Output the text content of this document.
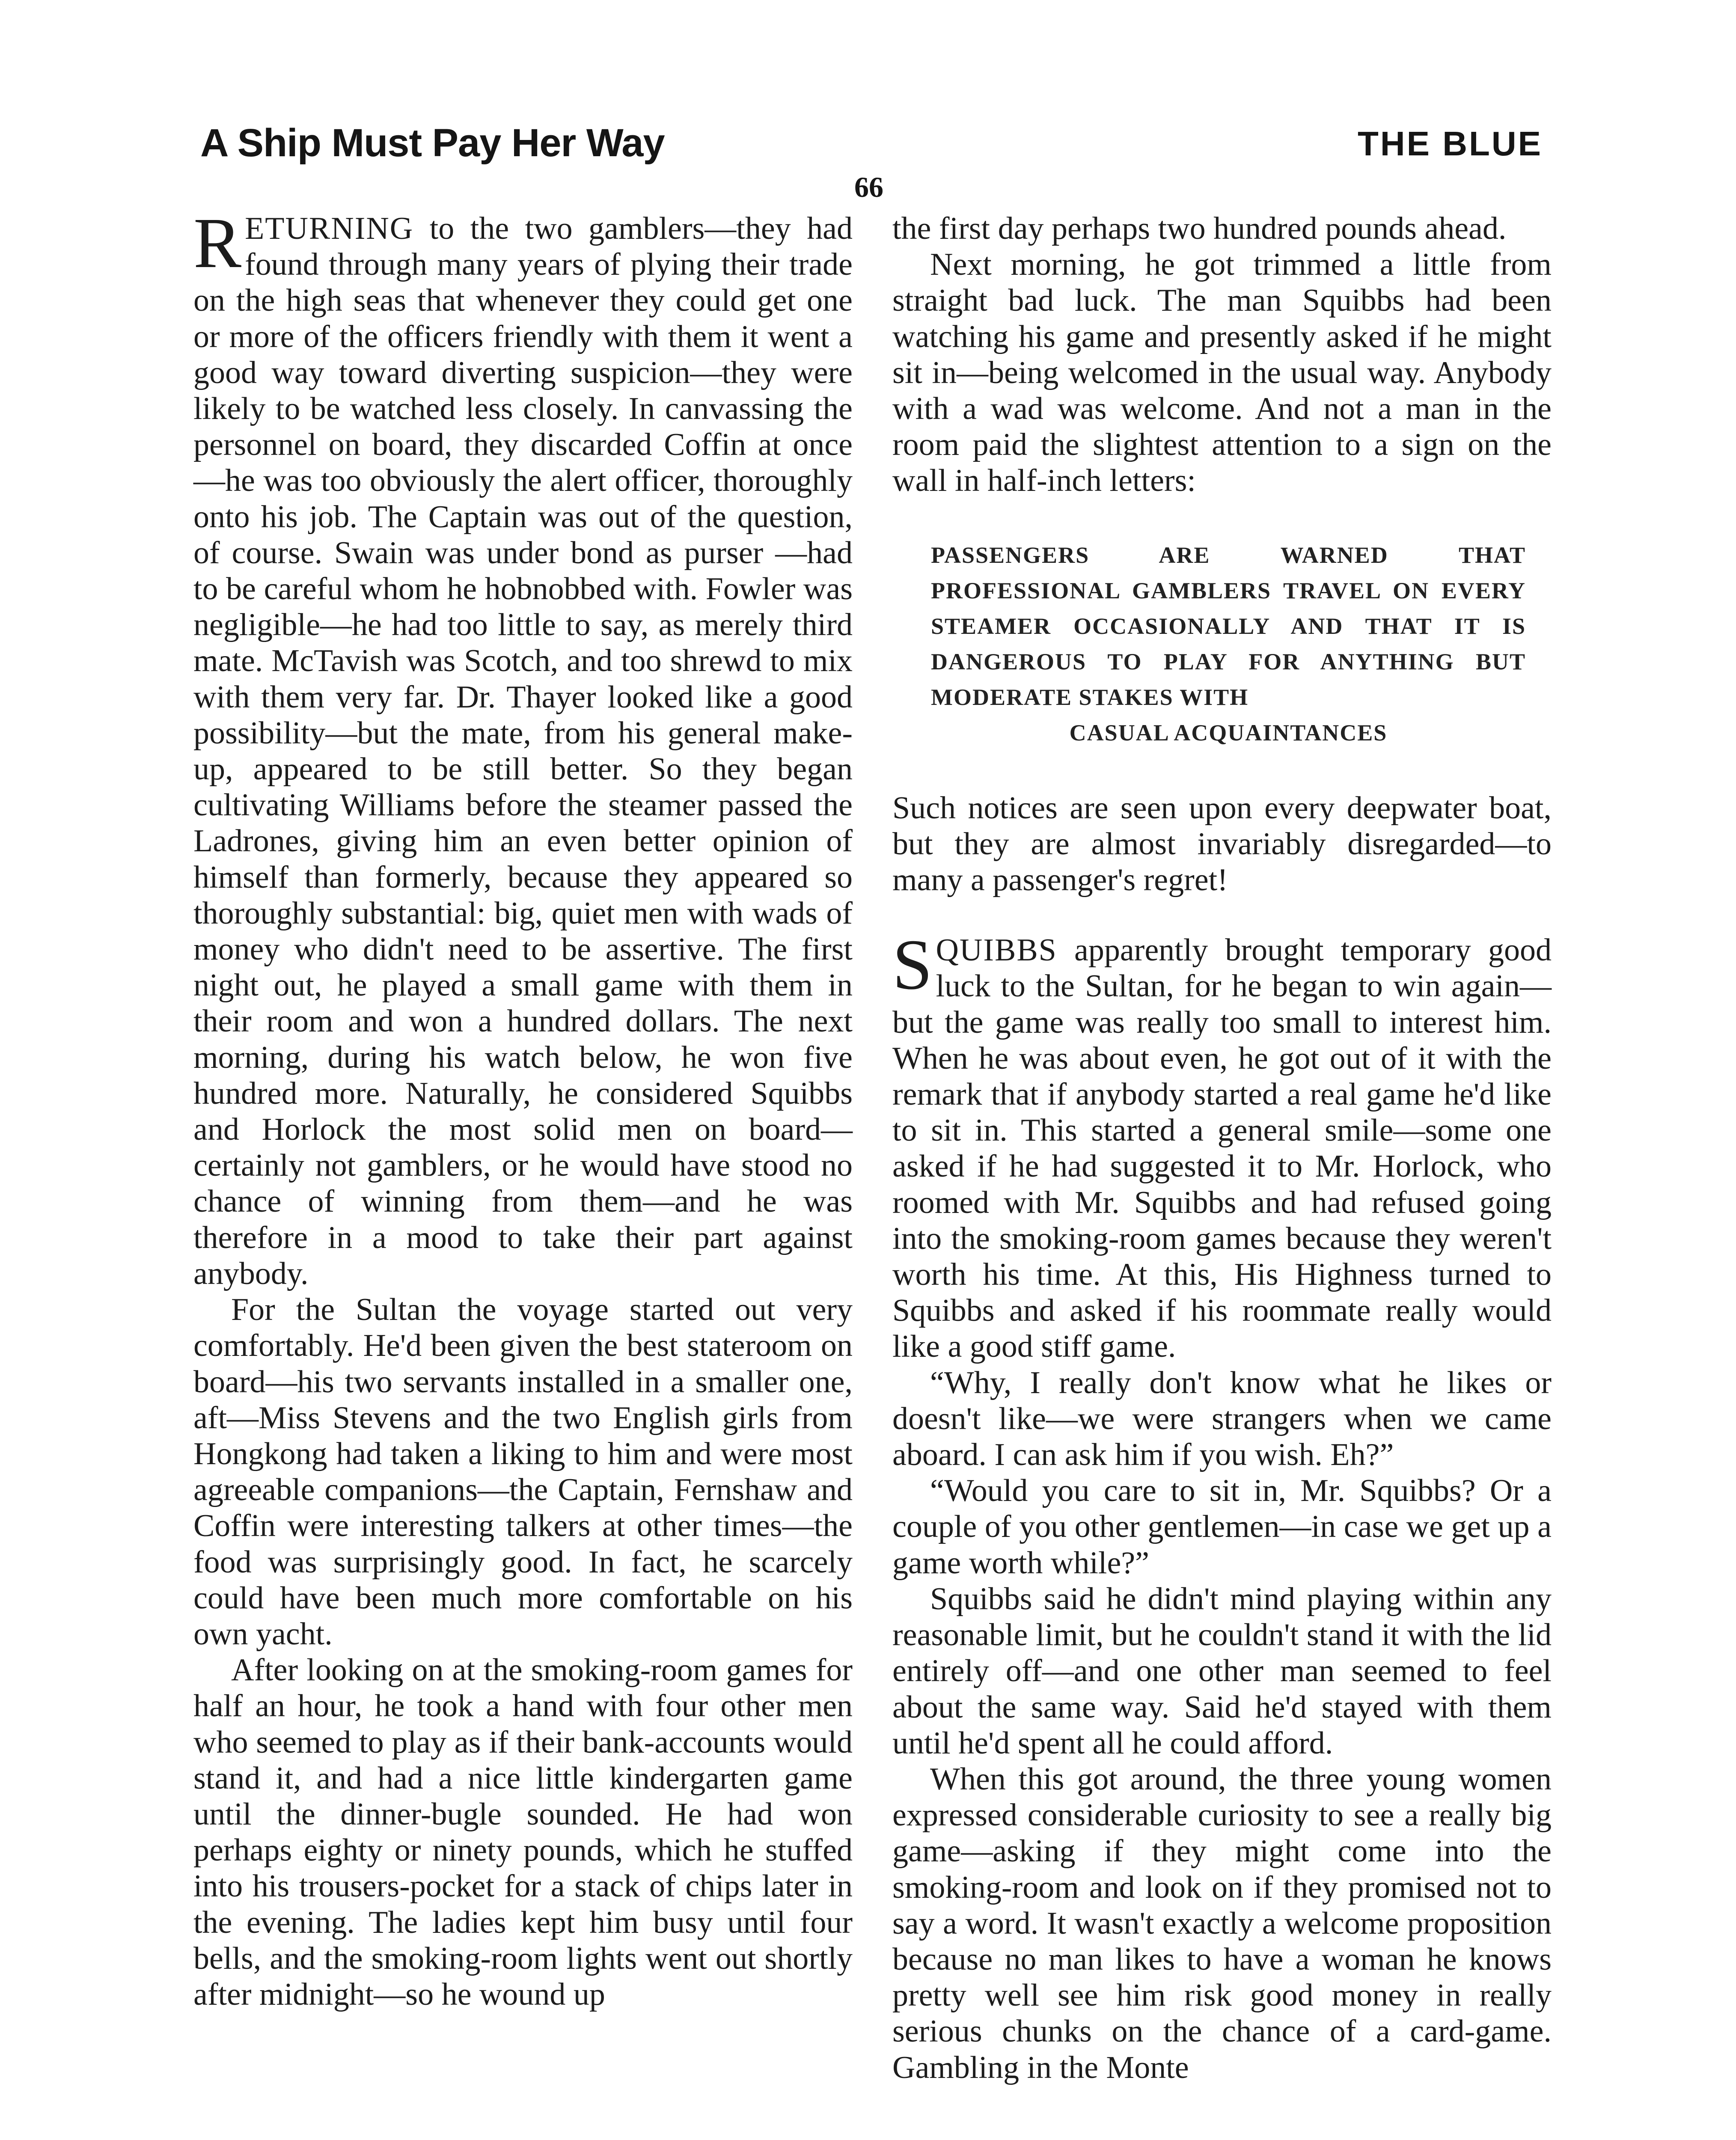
A Ship Must Pay Her Way	THE BLUE
66

RETURNING to the two gamblers—they had found through many years of plying their trade on the high seas that whenever they could get one or more of the officers friendly with them it went a good way toward diverting suspicion—they were likely to be watched less closely. In canvassing the personnel on board, they discarded Coffin at once—he was too obviously the alert officer, thoroughly onto his job. The Captain was out of the question, of course. Swain was under bond as purser —had to be careful whom he hobnobbed with. Fowler was negligible—he had too little to say, as merely third mate. McTavish was Scotch, and too shrewd to mix with them very far. Dr. Thayer looked like a good possibility—but the mate, from his general make-up, appeared to be still better. So they began cultivating Williams before the steamer passed the Ladrones, giving him an even better opinion of himself than formerly, because they appeared so thoroughly substantial: big, quiet men with wads of money who didn't need to be assertive. The first night out, he played a small game with them in their room and won a hundred dollars. The next morning, during his watch below, he won five hundred more. Naturally, he considered Squibbs and Horlock the most solid men on board—certainly not gamblers, or he would have stood no chance of winning from them—and he was therefore in a mood to take their part against anybody.

For the Sultan the voyage started out very comfortably. He'd been given the best stateroom on board—his two servants installed in a smaller one, aft—Miss Stevens and the two English girls from Hongkong had taken a liking to him and were most agreeable companions—the Captain, Fernshaw and Coffin were interesting talkers at other times—the food was surprisingly good. In fact, he scarcely could have been much more comfortable on his own yacht.

After looking on at the smoking-room games for half an hour, he took a hand with four other men who seemed to play as if their bank-accounts would stand it, and had a nice little kindergarten game until the dinner-bugle sounded. He had won perhaps eighty or ninety pounds, which he stuffed into his trousers-pocket for a stack of chips later in the evening. The ladies kept him busy until four bells, and the smoking-room lights went out shortly after midnight—so he wound up

the first day perhaps two hundred pounds ahead.

Next morning, he got trimmed a little from straight bad luck. The man Squibbs had been watching his game and presently asked if he might sit in—being welcomed in the usual way. Anybody with a wad was welcome. And not a man in the room paid the slightest attention to a sign on the wall in half-inch letters:

PASSENGERS ARE WARNED THAT PROFESSIONAL GAMBLERS TRAVEL ON EVERY STEAMER OCCASIONALLY AND THAT IT IS DANGEROUS TO PLAY FOR ANYTHING BUT MODERATE STAKES WITH
CASUAL ACQUAINTANCES

Such notices are seen upon every deepwater boat, but they are almost invariably disregarded—to many a passenger's regret!

SQUIBBS apparently brought temporary good luck to the Sultan, for he began to win again—but the game was really too small to interest him. When he was about even, he got out of it with the remark that if anybody started a real game he'd like to sit in. This started a general smile—some one asked if he had suggested it to Mr. Horlock, who roomed with Mr. Squibbs and had refused going into the smoking-room games because they weren't worth his time. At this, His Highness turned to Squibbs and asked if his roommate really would like a good stiff game.

“Why, I really don't know what he likes or doesn't like—we were strangers when we came aboard. I can ask him if you wish. Eh?”

“Would you care to sit in, Mr. Squibbs? Or a couple of you other gentlemen—in case we get up a game worth while?”

Squibbs said he didn't mind playing within any reasonable limit, but he couldn't stand it with the lid entirely off—and one other man seemed to feel about the same way. Said he'd stayed with them until he'd spent all he could afford.

When this got around, the three young women expressed considerable curiosity to see a really big game—asking if they might come into the smoking-room and look on if they promised not to say a word. It wasn't exactly a welcome proposition because no man likes to have a woman he knows pretty well see him risk good money in really serious chunks on the chance of a card-game. Gambling in the Monte
